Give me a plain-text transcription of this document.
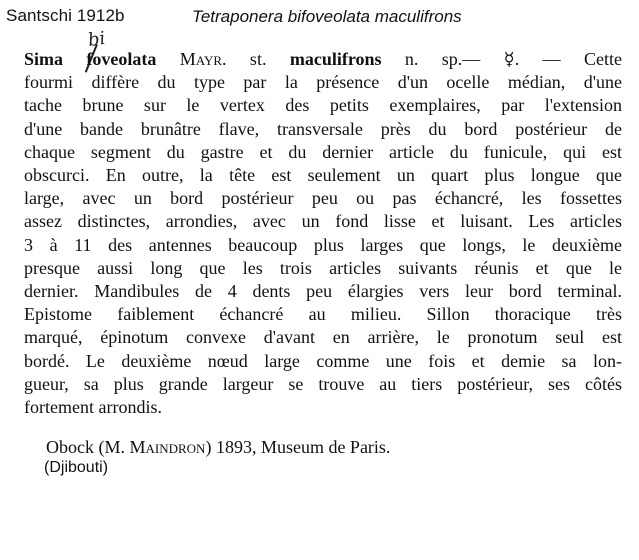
Santschi 1912b	Tetraponera bifoveolata maculifrons
bi
Sima foveolata Mayr. st. maculifrons n. sp.— ☿. — Cette
fourmi diffère du type par la présence d'un ocelle médian, d'une
tache brune sur le vertex des petits exemplaires, par l'extension
d'une bande brunâtre flave, transversale près du bord postérieur de
chaque segment du gastre et du dernier article du funicule, qui est
obscurci. En outre, la tête est seulement un quart plus longue que
large, avec un bord postérieur peu ou pas échancré, les fossettes
assez distinctes, arrondies, avec un fond lisse et luisant. Les articles
3 à 11 des antennes beaucoup plus larges que longs, le deuxième
presque aussi long que les trois articles suivants réunis et que le
dernier. Mandibules de 4 dents peu élargies vers leur bord terminal.
Epistome faiblement échancré au milieu. Sillon thoracique très
marqué, épinotum convexe d'avant en arrière, le pronotum seul est
bordé. Le deuxième nœud large comme une fois et demie sa lon-
gueur, sa plus grande largeur se trouve au tiers postérieur, ses côtés
fortement arrondis.
Obock (M. Maindron) 1893, Museum de Paris.
(Djibouti)
